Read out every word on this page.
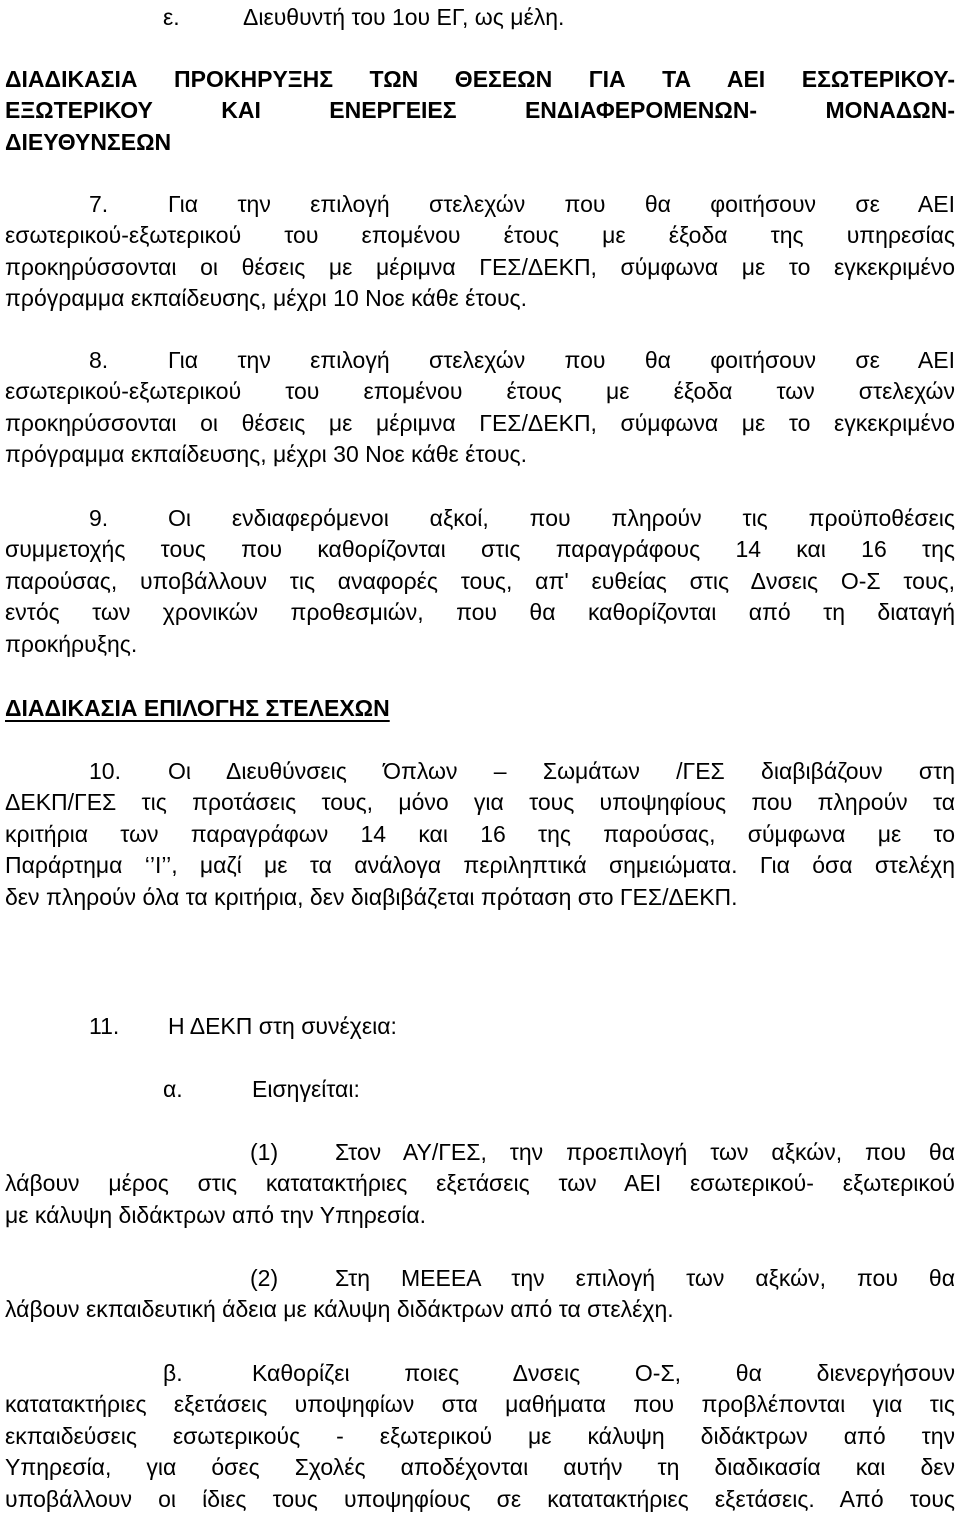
ε.	Διευθυντή του 1ου ΕΓ, ως μέλη.
ΔΙΑΔΙΚΑΣΙΑ ΠΡΟΚΗΡΥΞΗΣ ΤΩΝ ΘΕΣΕΩΝ ΓΙΑ ΤΑ ΑΕΙ ΕΣΩΤΕΡΙΚΟΥ-
ΕΞΩΤΕΡΙΚΟΥ ΚΑΙ ΕΝΕΡΓΕΙΕΣ ΕΝΔΙΑΦΕΡΟΜΕΝΩΝ- ΜΟΝΑΔΩΝ-
ΔΙΕΥΘΥΝΣΕΩΝ
7.	Για την επιλογή στελεχών που θα φοιτήσουν σε ΑΕΙ
εσωτερικού-εξωτερικού του επομένου έτους με έξοδα της υπηρεσίας
προκηρύσσονται οι θέσεις με μέριμνα ΓΕΣ/ΔΕΚΠ, σύμφωνα με το εγκεκριμένο
πρόγραμμα εκπαίδευσης, μέχρι 10 Νοε κάθε έτους.
8.	Για την επιλογή στελεχών που θα φοιτήσουν σε ΑΕΙ
εσωτερικού-εξωτερικού του επομένου έτους με έξοδα των στελεχών
προκηρύσσονται οι θέσεις με μέριμνα ΓΕΣ/ΔΕΚΠ, σύμφωνα με το εγκεκριμένο
πρόγραμμα εκπαίδευσης, μέχρι 30 Νοε κάθε έτους.
9.	Οι ενδιαφερόμενοι αξκοί, που πληρούν τις προϋποθέσεις
συμμετοχής τους που καθορίζονται στις παραγράφους 14 και 16 της
παρούσας, υποβάλλουν τις αναφορές τους, απ' ευθείας στις Δνσεις Ο-Σ τους,
εντός των χρονικών προθεσμιών, που θα καθορίζονται από τη διαταγή
προκήρυξης.
ΔΙΑΔΙΚΑΣΙΑ ΕΠΙΛΟΓΗΣ ΣΤΕΛΕΧΩΝ
10. Οι Διευθύνσεις Όπλων – Σωμάτων /ΓΕΣ διαβιβάζουν στη
ΔΕΚΠ/ΓΕΣ τις προτάσεις τους, μόνο για τους υποψηφίους που πληρούν τα
κριτήρια των παραγράφων 14 και 16 της παρούσας, σύμφωνα με το
Παράρτημα ‘’Ι’’, μαζί με τα ανάλογα περιληπτικά σημειώματα. Για όσα στελέχη
δεν πληρούν όλα τα κριτήρια, δεν διαβιβάζεται πρόταση στο ΓΕΣ/ΔΕΚΠ.
11. Η ΔΕΚΠ στη συνέχεια:
α.	Εισηγείται:
(1) Στον ΑΥ/ΓΕΣ, την προεπιλογή των αξκών, που θα
λάβουν μέρος στις κατατακτήριες εξετάσεις των ΑΕΙ εσωτερικού- εξωτερικού
με κάλυψη διδάκτρων από την Υπηρεσία.
(2) Στη ΜΕΕΕΑ την επιλογή των αξκών, που θα
λάβουν εκπαιδευτική άδεια με κάλυψη διδάκτρων από τα στελέχη.
β.	Καθορίζει ποιες Δνσεις Ο-Σ, θα διενεργήσουν
κατατακτήριες εξετάσεις υποψηφίων στα μαθήματα που προβλέπονται για τις
εκπαιδεύσεις εσωτερικούς - εξωτερικού με κάλυψη διδάκτρων από την
Υπηρεσία, για όσες Σχολές αποδέχονται αυτήν τη διαδικασία και δεν
υποβάλλουν οι ίδιες τους υποψηφίους σε κατατακτήριες εξετάσεις. Από τους
